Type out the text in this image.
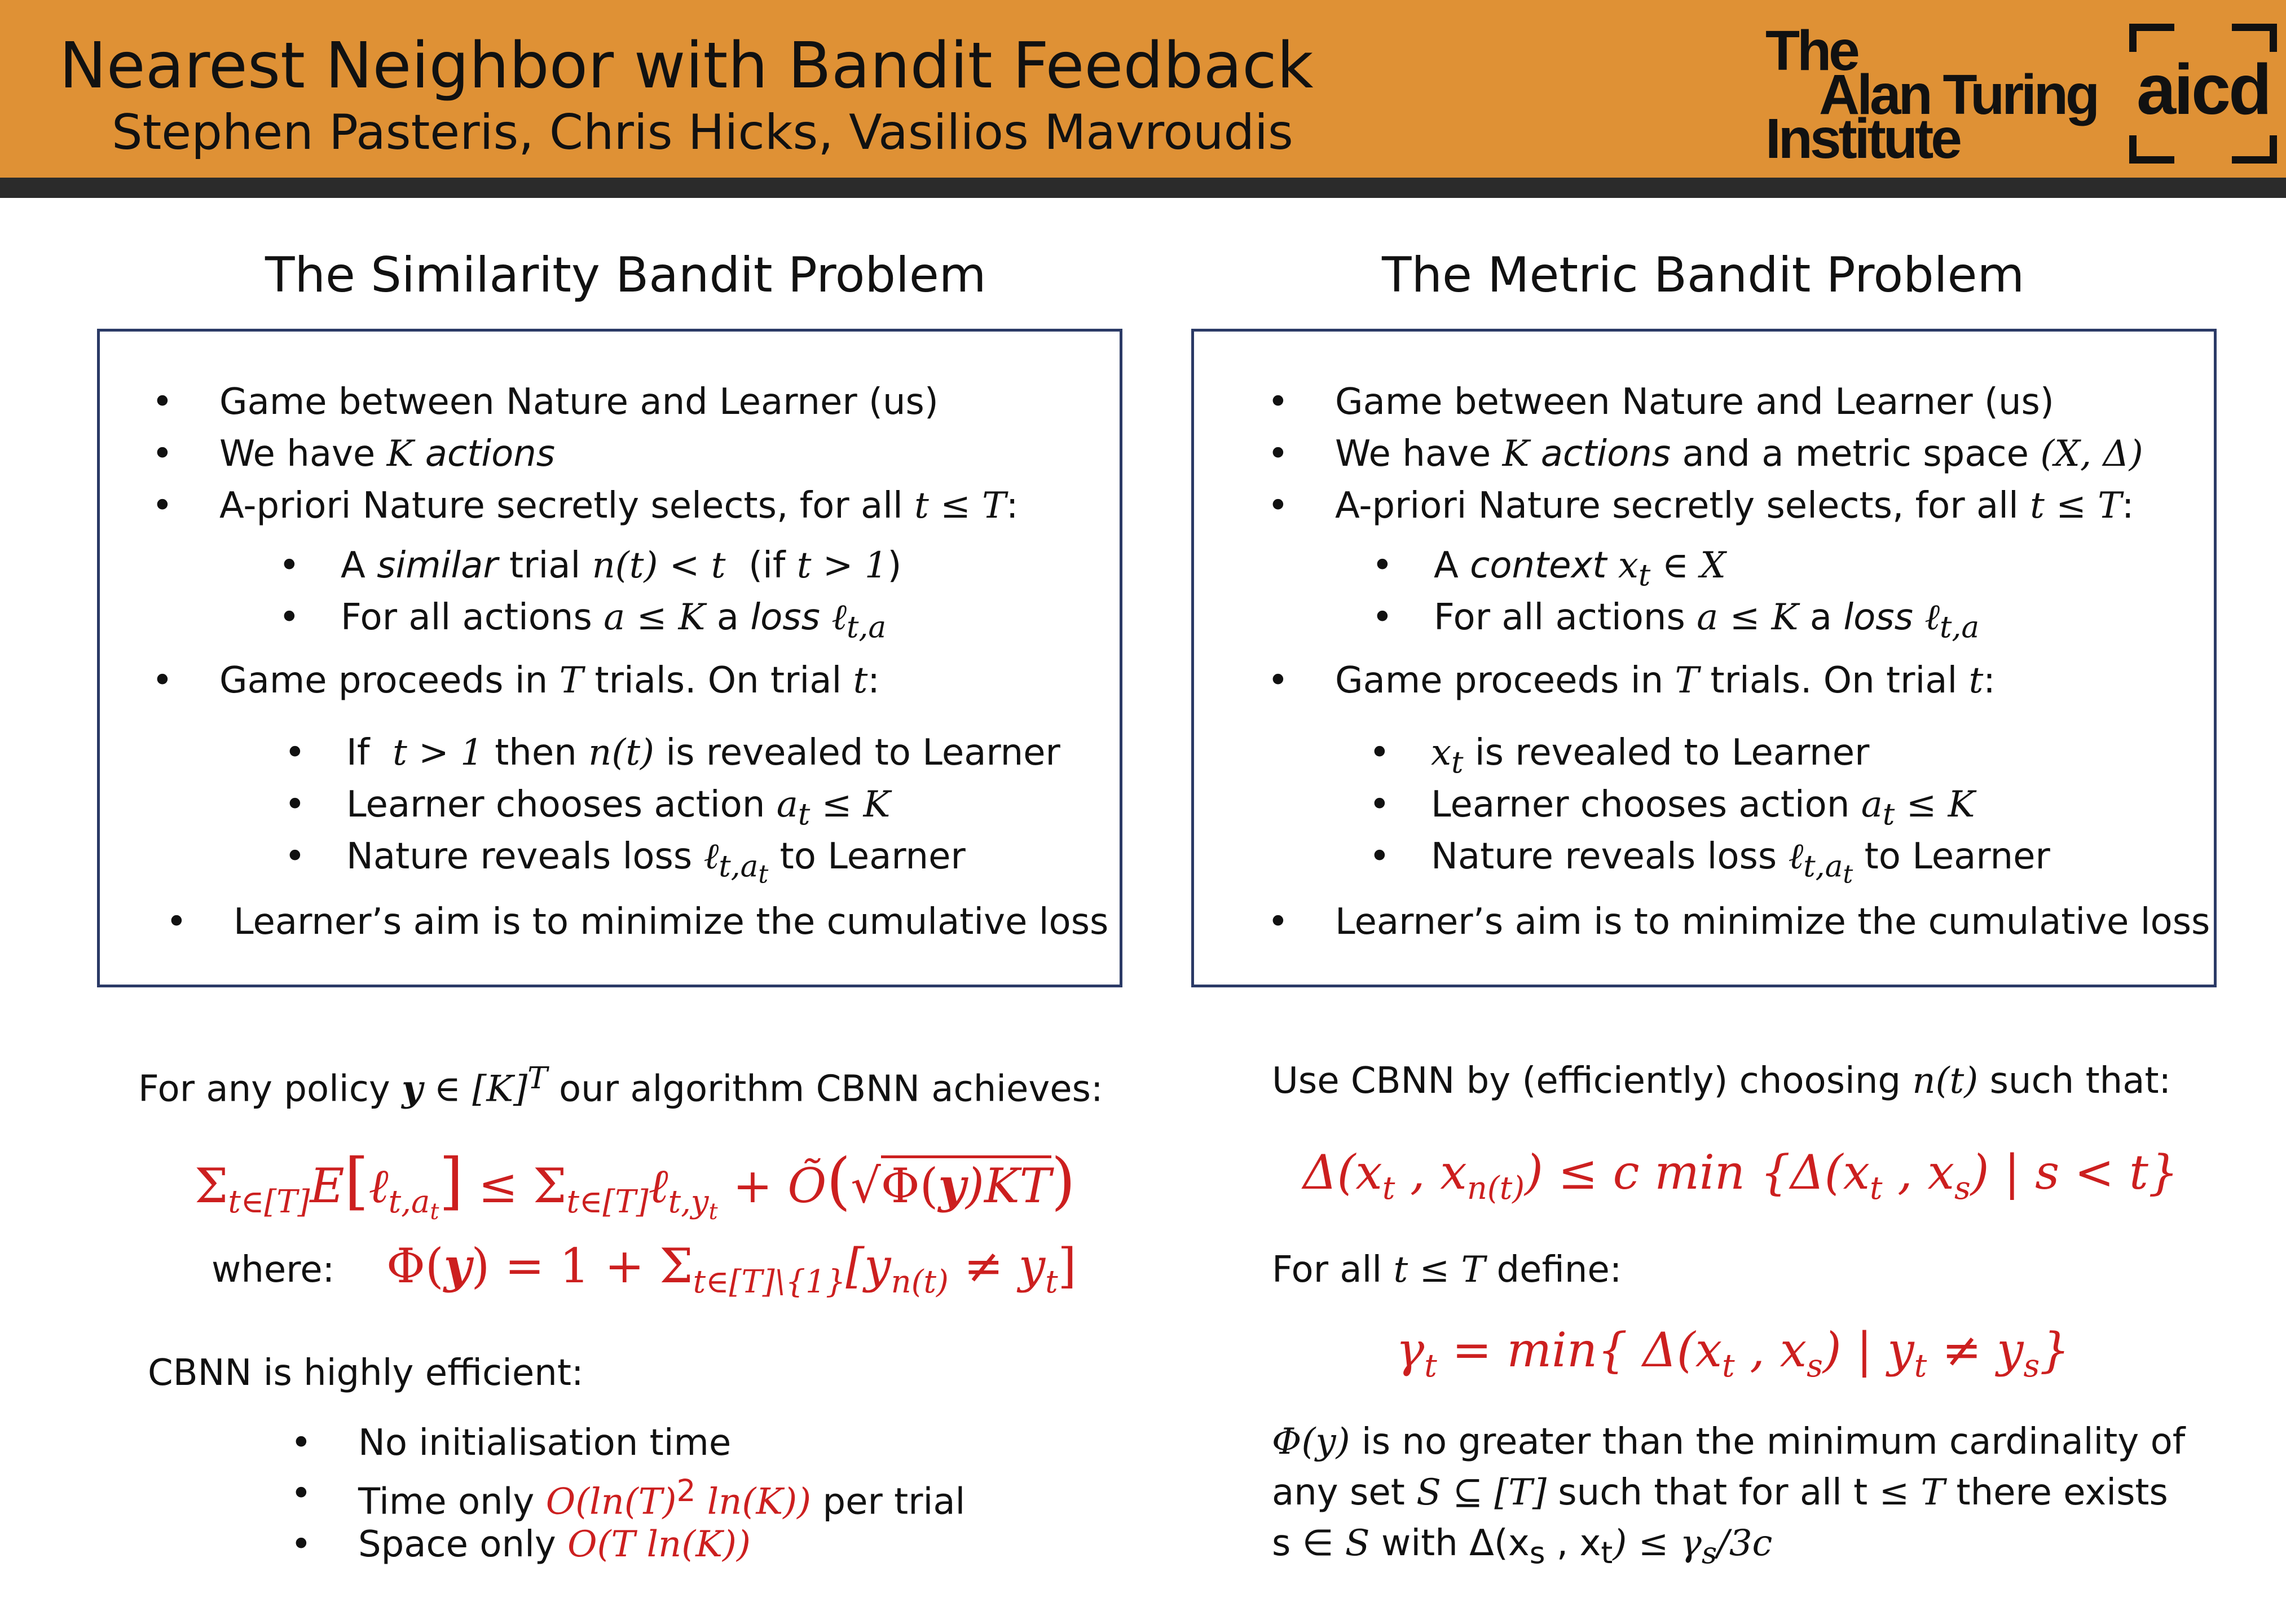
Nearest Neighbor with Bandit Feedback
Stephen Pasteris, Chris Hicks, Vasilios Mavroudis
The
Alan Turing
Institute
aicd
The Similarity Bandit Problem
• Game between Nature and Learner (us)
• We have K actions
• A-priori Nature secretly selects, for all t ≤ T:
• A similar trial n(t) < t  (if t > 1)
• For all actions a ≤ K a loss ℓ$_{t,a}$
• Game proceeds in T trials. On trial t:
• If  t > 1 then n(t) is revealed to Learner
• Learner chooses action $a_t \le K$
• Nature reveals loss ℓ$_{t,a_t}$ to Learner
• Learner’s aim is to minimize the cumulative loss
For any policy y ∈ $[K]^T$ our algorithm CBNN achieves:
$\Sigma_{t\in[T]}E[\ell_{t,a_t}]$ ≤ $\Sigma_{t\in[T]}\ell_{t,y_t}$ + Õ(√Φ(y)KT)
where: $\Phi(y) = 1 + \Sigma_{t\in[T]\backslash\{1\}}[y_{n(t)} \ne y_t]$
CBNN is highly efficient:
• No initialisation time
• Time only $O(\ln(T)^2$ ln(K)) per trial
• Space only O(T ln(K))
The Metric Bandit Problem
• Game between Nature and Learner (us)
• We have K actions and a metric space (X, Δ)
• A-priori Nature secretly selects, for all t ≤ T:
• A context $x_t$ ∈ X
• For all actions a ≤ K a loss ℓ$_{t,a}$
• Game proceeds in T trials. On trial t:
• $x_t$ is revealed to Learner
• Learner chooses action $a_t \le K$
• Nature reveals loss ℓ$_{t,a_t}$ to Learner
• Learner’s aim is to minimize the cumulative loss
Use CBNN by (efficiently) choosing n(t) such that:
$\Delta(x_t$ , $x_{n(t)}) \le c$ $\min \{\Delta(x_t$ , $x_s$) | s < t}
For all t ≤ T define:
$\gamma_t = \min${ $\Delta(x_t$ , $x_s$) | $y_t \ne y_s$}
Φ(y) is no greater than the minimum cardinality of
any set S ⊆ [T] such that for all t ≤ T there exists
s ∈ S with $\Delta(x_s$ , $x_t) \le \gamma_s/3c$
